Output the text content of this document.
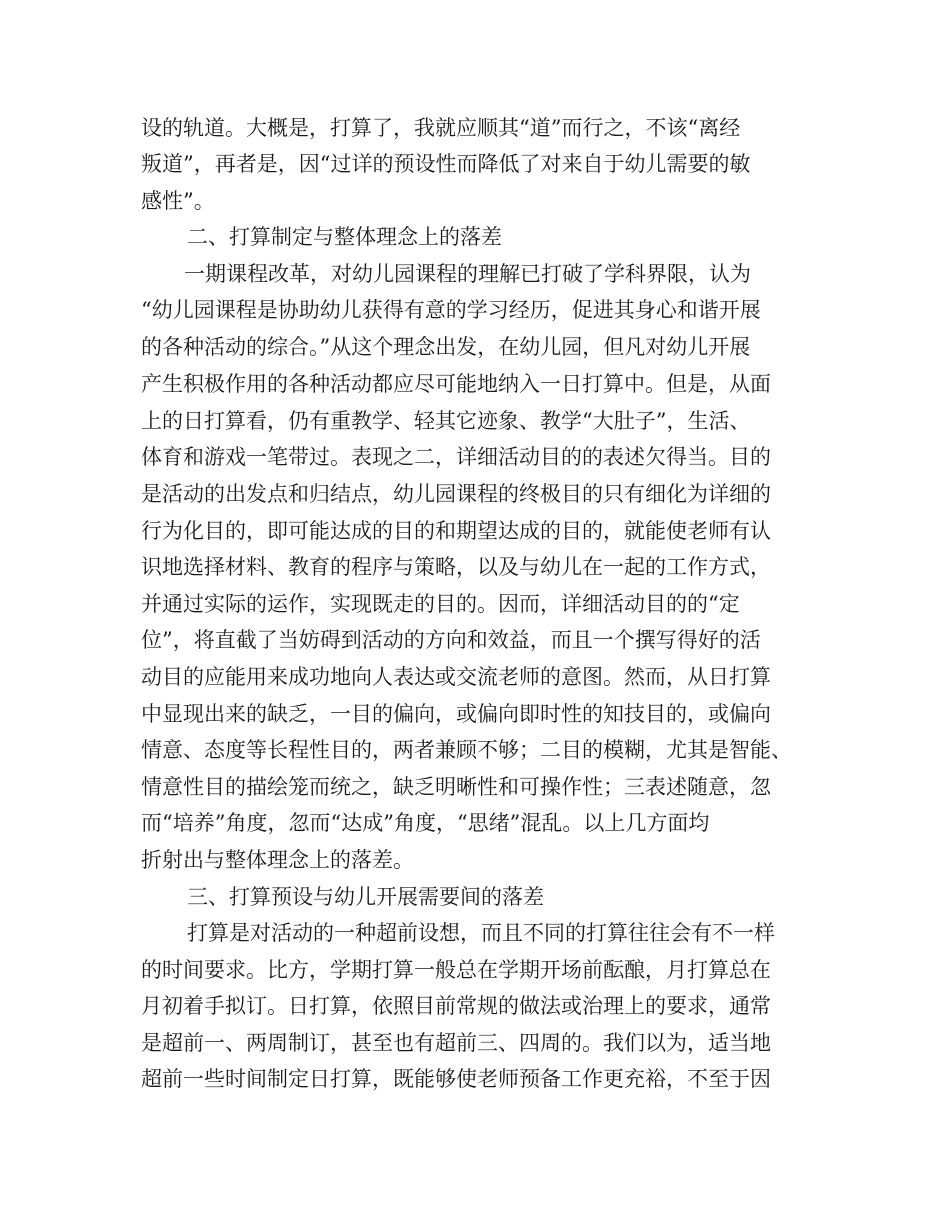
设的轨道。大概是，打算了，我就应顺其“道”而行之，不该“离经
叛道”，再者是，因“过详的预设性而降低了对来自于幼儿需要的敏
感性”。
二、打算制定与整体理念上的落差
一期课程改革，对幼儿园课程的理解已打破了学科界限，认为
“幼儿园课程是协助幼儿获得有意的学习经历，促进其身心和谐开展
的各种活动的综合。”从这个理念出发，在幼儿园，但凡对幼儿开展
产生积极作用的各种活动都应尽可能地纳入一日打算中。但是，从面
上的日打算看，仍有重教学、轻其它迹象、教学“大肚子”，生活、
体育和游戏一笔带过。表现之二，详细活动目的的表述欠得当。目的
是活动的出发点和归结点，幼儿园课程的终极目的只有细化为详细的
行为化目的，即可能达成的目的和期望达成的目的，就能使老师有认
识地选择材料、教育的程序与策略，以及与幼儿在一起的工作方式，
并通过实际的运作，实现既走的目的。因而，详细活动目的的“定
位”，将直截了当妨碍到活动的方向和效益，而且一个撰写得好的活
动目的应能用来成功地向人表达或交流老师的意图。然而，从日打算
中显现出来的缺乏，一目的偏向，或偏向即时性的知技目的，或偏向
情意、态度等长程性目的，两者兼顾不够；二目的模糊，尤其是智能、
情意性目的描绘笼而统之，缺乏明晰性和可操作性；三表述随意，忽
而“培养”角度，忽而“达成”角度，“思绪”混乱。以上几方面均
折射出与整体理念上的落差。
三、打算预设与幼儿开展需要间的落差
打算是对活动的一种超前设想，而且不同的打算往往会有不一样
的时间要求。比方，学期打算一般总在学期开场前酝酿，月打算总在
月初着手拟订。日打算，依照目前常规的做法或治理上的要求，通常
是超前一、两周制订，甚至也有超前三、四周的。我们以为，适当地
超前一些时间制定日打算，既能够使老师预备工作更充裕，不至于因
